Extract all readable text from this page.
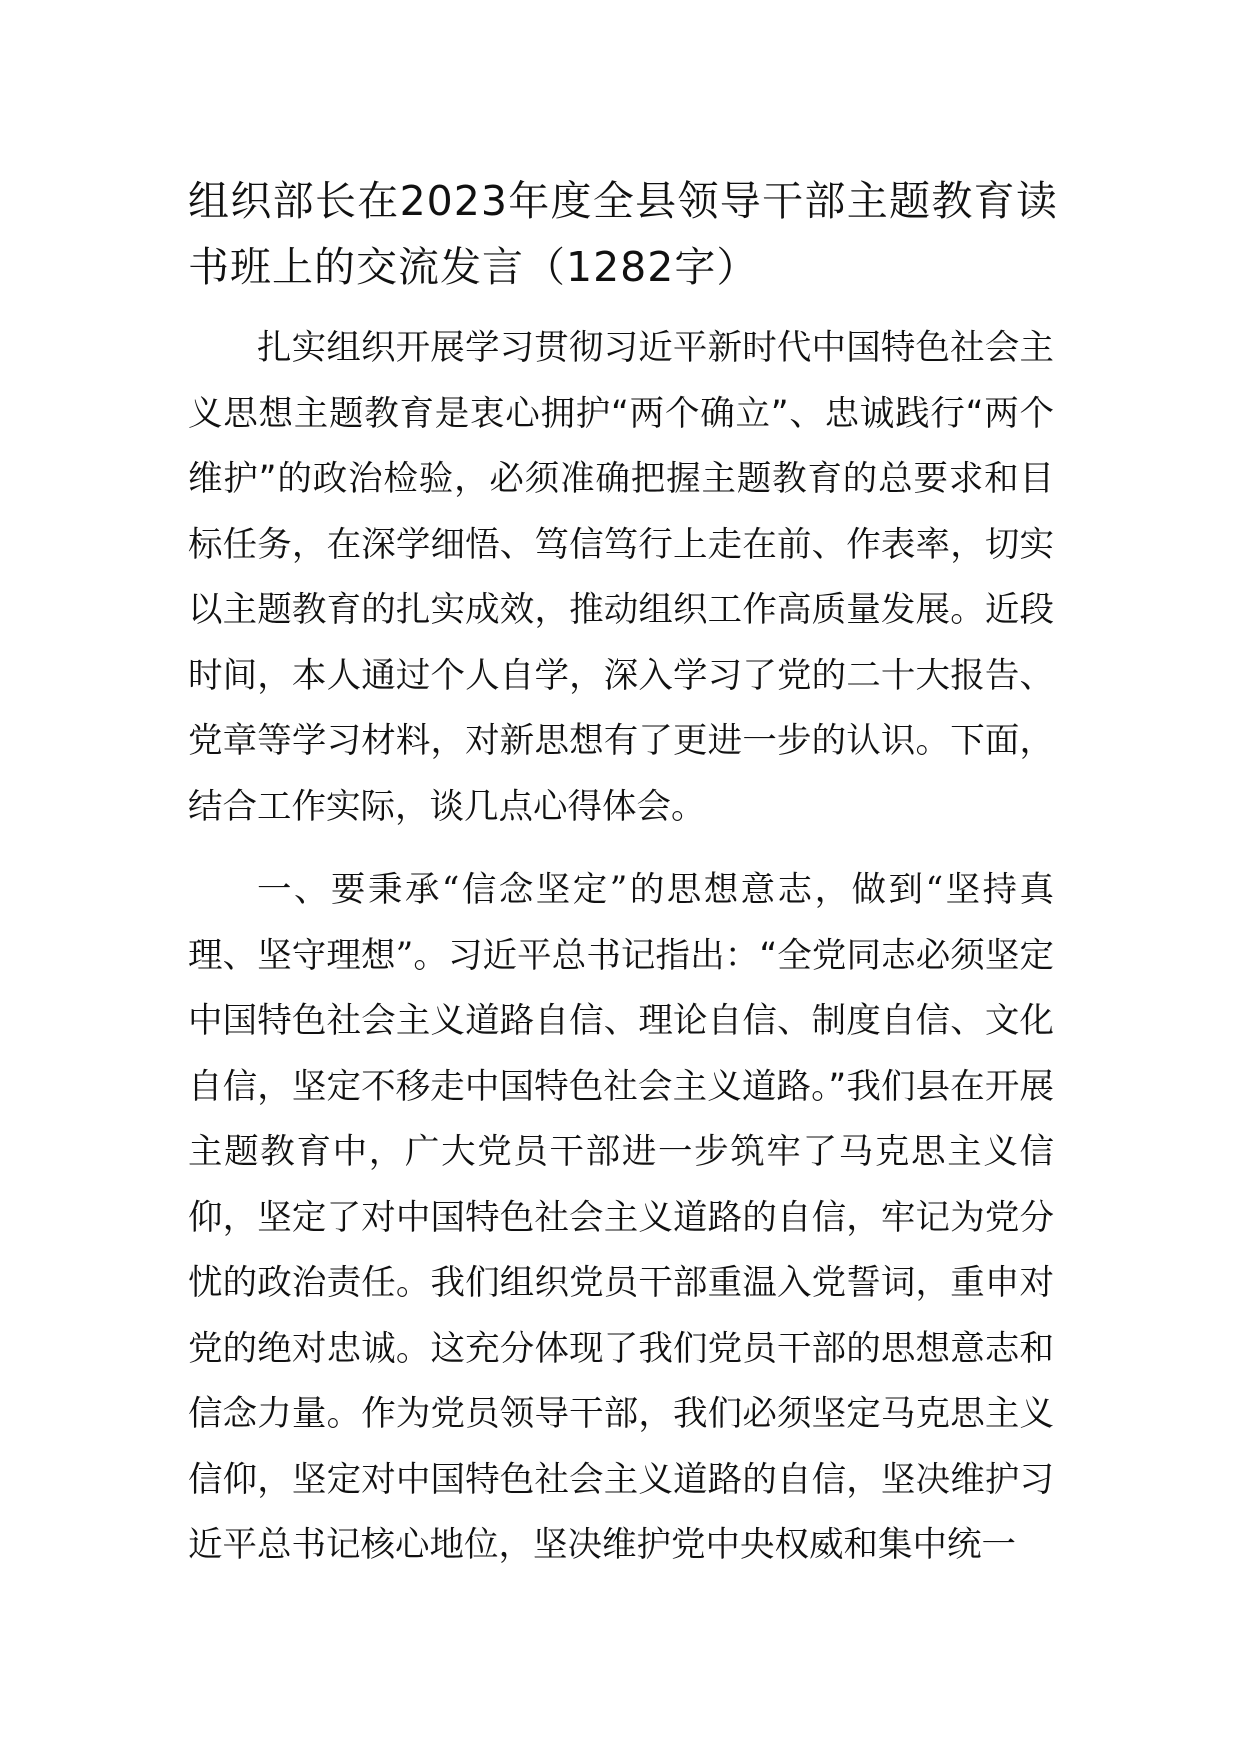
组织部长在2023年度全县领导干部主题教育读书班上的交流发言（1282字）

扎实组织开展学习贯彻习近平新时代中国特色社会主义思想主题教育是衷心拥护“两个确立”、忠诚践行“两个维护”的政治检验，必须准确把握主题教育的总要求和目标任务，在深学细悟、笃信笃行上走在前、作表率，切实以主题教育的扎实成效，推动组织工作高质量发展。近段时间，本人通过个人自学，深入学习了党的二十大报告、党章等学习材料，对新思想有了更进一步的认识。下面，结合工作实际，谈几点心得体会。

一、要秉承“信念坚定”的思想意志，做到“坚持真理、坚守理想”。习近平总书记指出：“全党同志必须坚定中国特色社会主义道路自信、理论自信、制度自信、文化自信，坚定不移走中国特色社会主义道路。”我们县在开展主题教育中，广大党员干部进一步筑牢了马克思主义信仰，坚定了对中国特色社会主义道路的自信，牢记为党分忧的政治责任。我们组织党员干部重温入党誓词，重申对党的绝对忠诚。这充分体现了我们党员干部的思想意志和信念力量。作为党员领导干部，我们必须坚定马克思主义信仰，坚定对中国特色社会主义道路的自信，坚决维护习近平总书记核心地位，坚决维护党中央权威和集中统一
